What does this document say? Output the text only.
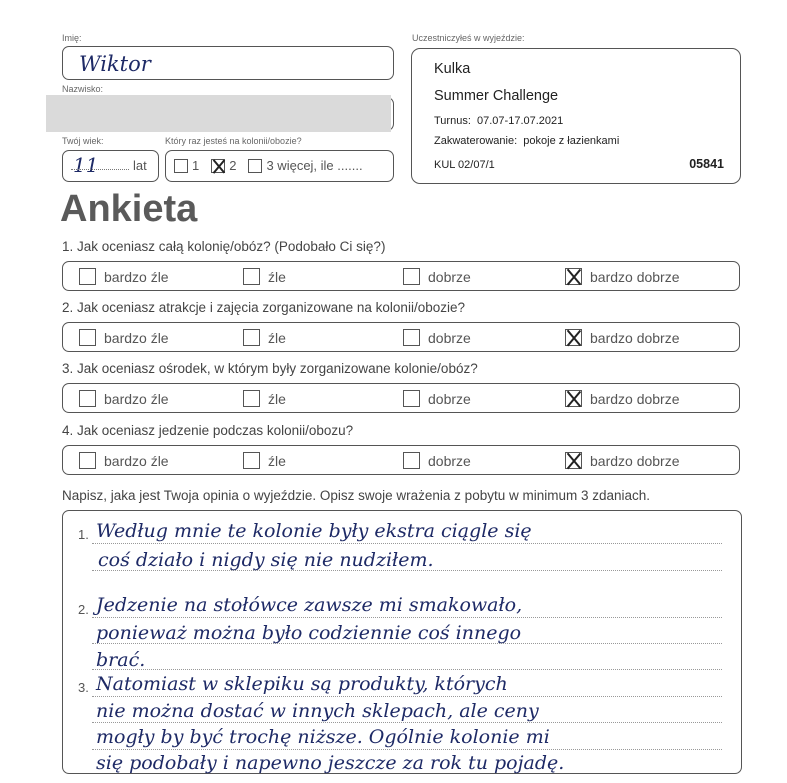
Imię:
Wiktor
Nazwisko:
Twój wiek:
11	lat
Który raz jesteś na kolonii/obozie?
1 2 3 więcej, ile .......
Uczestniczyłeś w wyjeździe:
Kulka
Summer Challenge
Turnus: 07.07-17.07.2021
Zakwaterowanie: pokoje z łazienkami
KUL 02/07/1	05841
Ankieta
1. Jak oceniasz całą kolonię/obóz? (Podobało Ci się?)
bardzo źle	źle	dobrze	bardzo dobrze
2. Jak oceniasz atrakcje i zajęcia zorganizowane na kolonii/obozie?
bardzo źle	źle	dobrze	bardzo dobrze
3. Jak oceniasz ośrodek, w którym były zorganizowane kolonie/obóz?
bardzo źle	źle	dobrze	bardzo dobrze
4. Jak oceniasz jedzenie podczas kolonii/obozu?
bardzo źle	źle	dobrze	bardzo dobrze
Napisz, jaka jest Twoja opinia o wyjeździe. Opisz swoje wrażenia z pobytu w minimum 3 zdaniach.
1. Według mnie te kolonie były ekstra ciągle się
coś działo i nigdy się nie nudziłem.
2. Jedzenie na stołówce zawsze mi smakowało,
ponieważ można było codziennie coś innego
brać.
3. Natomiast w sklepiku są produkty, których
nie można dostać w innych sklepach, ale ceny
mogły by być trochę niższe. Ogólnie kolonie mi
się podobały i napewno jeszcze za rok tu pojadę.
